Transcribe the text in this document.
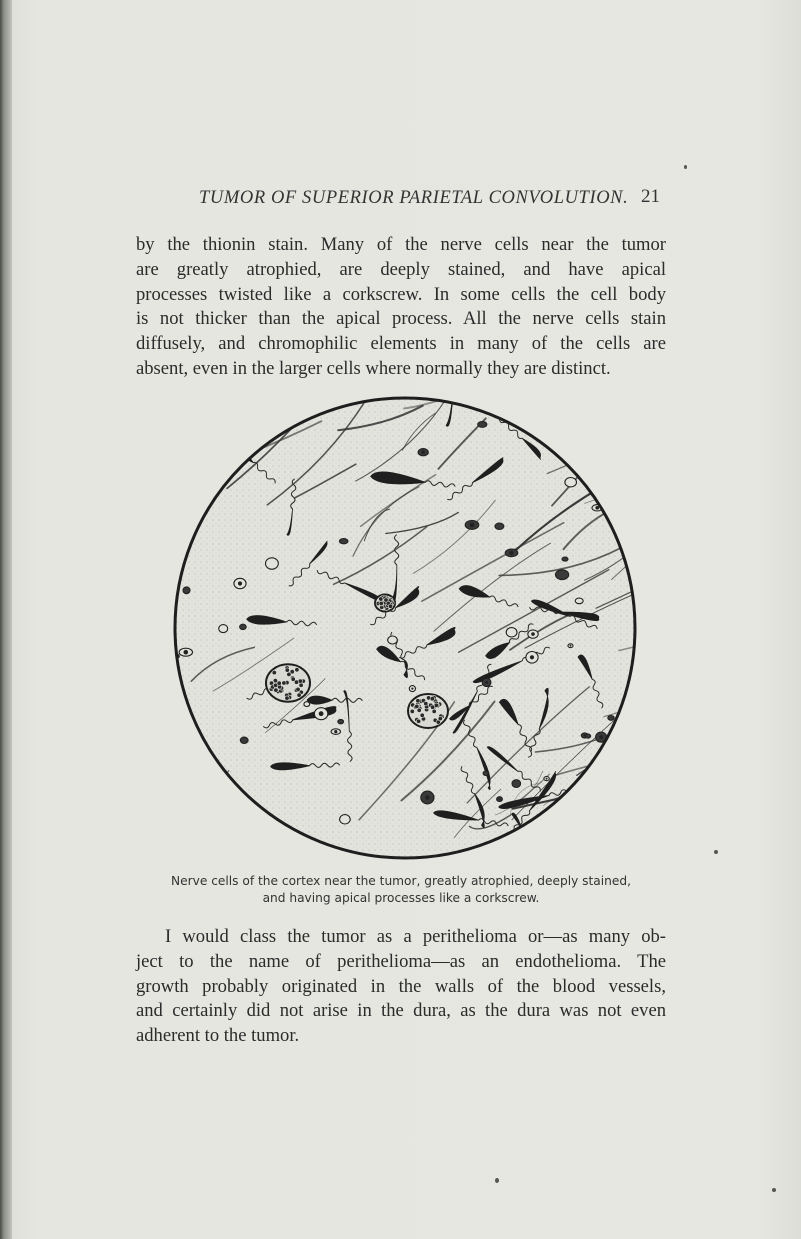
TUMOR OF SUPERIOR PARIETAL CONVOLUTION. 21
by the thionin stain. Many of the nerve cells near the tumor
are greatly atrophied, are deeply stained, and have apical
processes twisted like a corkscrew. In some cells the cell body
is not thicker than the apical process. All the nerve cells stain
diffusely, and chromophilic elements in many of the cells are
absent, even in the larger cells where normally they are distinct.
Nerve cells of the cortex near the tumor, greatly atrophied, deeply stained,
and having apical processes like a corkscrew.
I would class the tumor as a perithelioma or—as many ob-
ject to the name of perithelioma—as an endothelioma. The
growth probably originated in the walls of the blood vessels,
and certainly did not arise in the dura, as the dura was not even
adherent to the tumor.
